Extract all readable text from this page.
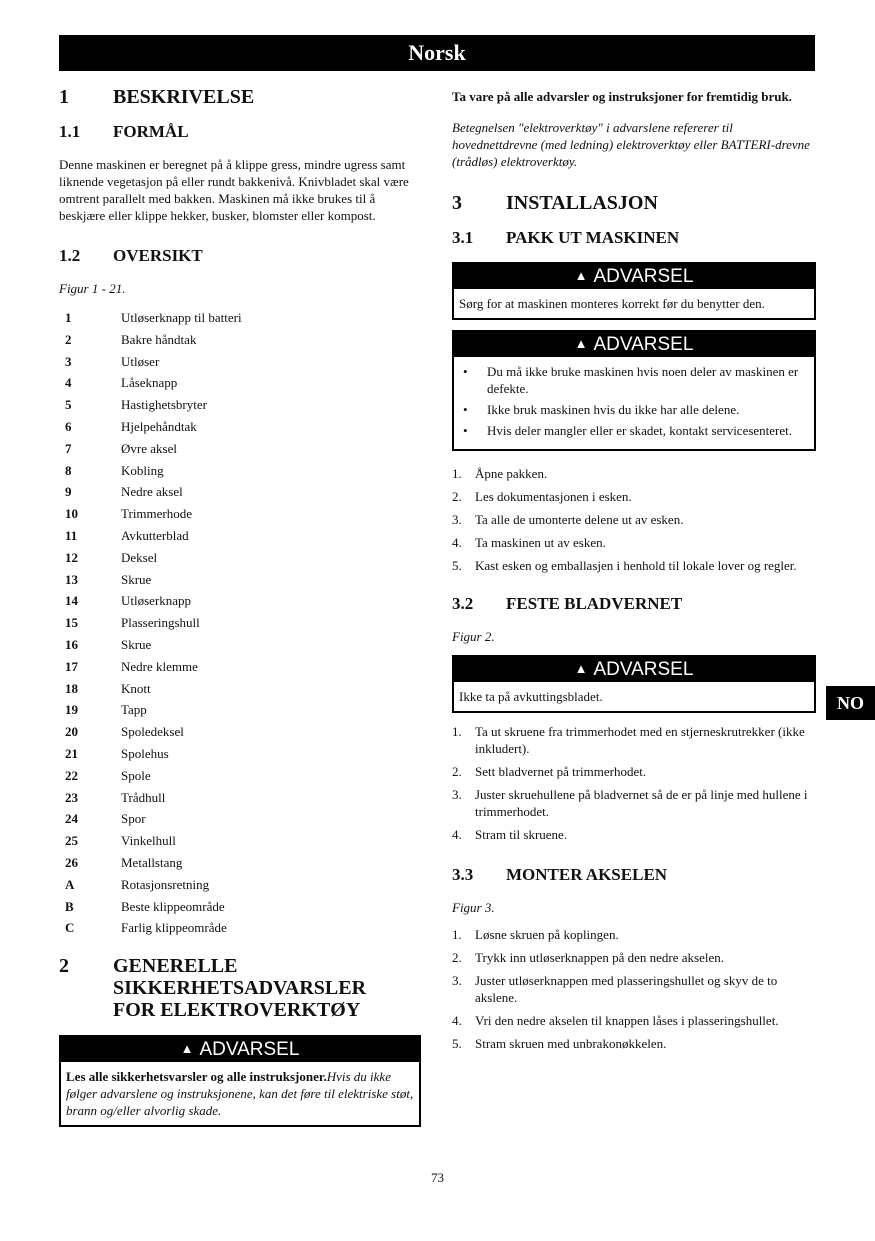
Norsk
NO
1	BESKRIVELSE
1.1	FORMÅL

Denne maskinen er beregnet på å klippe gress, mindre ugress samt liknende vegetasjon på eller rundt bakkenivå. Knivbladet skal være omtrent parallelt med bakken. Maskinen må ikke brukes til å beskjære eller klippe hekker, busker, blomster eller kompost.

1.2	OVERSIKT

Figur 1 - 21.

1	Utløserknapp til batteri
2	Bakre håndtak
3	Utløser
4	Låseknapp
5	Hastighetsbryter
6	Hjelpehåndtak
7	Øvre aksel
8	Kobling
9	Nedre aksel
10	Trimmerhode
11	Avkutterblad
12	Deksel
13	Skrue
14	Utløserknapp
15	Plasseringshull
16	Skrue
17	Nedre klemme
18	Knott
19	Tapp
20	Spoledeksel
21	Spolehus
22	Spole
23	Trådhull
24	Spor
25	Vinkelhull
26	Metallstang
A	Rotasjonsretning
B	Beste klippeområde
C	Farlig klippeområde
2	GENERELLE SIKKERHETSADVARSLER FOR ELEKTROVERKTØY
▲ ADVARSEL
Les alle sikkerhetsvarsler og alle instruksjoner.Hvis du ikke følger advarslene og instruksjonene, kan det føre til elektriske støt, brann og/eller alvorlig skade.

Ta vare på alle advarsler og instruksjoner for fremtidig bruk.

Betegnelsen "elektroverktøy" i advarslene refererer til hovednettdrevne (med ledning) elektroverktøy eller BATTERI-drevne (trådløs) elektroverktøy.

3	INSTALLASJON
3.1	PAKK UT MASKINEN
▲ ADVARSEL
Sørg for at maskinen monteres korrekt før du benytter den.
▲ ADVARSEL
•	Du må ikke bruke maskinen hvis noen deler av maskinen er defekte.
•	Ikke bruk maskinen hvis du ikke har alle delene.
•	Hvis deler mangler eller er skadet, kontakt servicesenteret.
1.	Åpne pakken.
2.	Les dokumentasjonen i esken.
3.	Ta alle de umonterte delene ut av esken.
4.	Ta maskinen ut av esken.
5.	Kast esken og emballasjen i henhold til lokale lover og regler.
3.2	FESTE BLADVERNET

Figur 2.

▲ ADVARSEL
Ikke ta på avkuttingsbladet.
1.	Ta ut skruene fra trimmerhodet med en stjerneskrutrekker (ikke inkludert).
2.	Sett bladvernet på trimmerhodet.
3.	Juster skruehullene på bladvernet så de er på linje med hullene i trimmerhodet.
4.	Stram til skruene.
3.3	MONTER AKSELEN

Figur 3.

1.	Løsne skruen på koplingen.
2.	Trykk inn utløserknappen på den nedre akselen.
3.	Juster utløserknappen med plasseringshullet og skyv de to akslene.
4.	Vri den nedre akselen til knappen låses i plasseringshullet.
5.	Stram skruen med unbrakonøkkelen.
73
